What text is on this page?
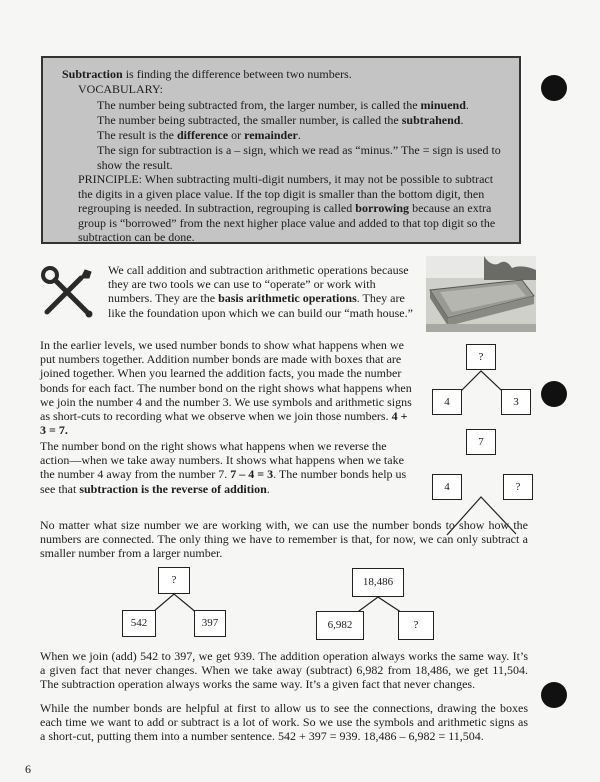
Subtraction is finding the difference between two numbers.
VOCABULARY:
The number being subtracted from, the larger number, is called the minuend.
The number being subtracted, the smaller number, is called the subtrahend.
The result is the difference or remainder.
The sign for subtraction is a – sign, which we read as “minus.” The = sign is used to show the result.
PRINCIPLE: When subtracting multi-digit numbers, it may not be possible to subtract the digits in a given place value. If the top digit is smaller than the bottom digit, then regrouping is needed. In subtraction, regrouping is called borrowing because an extra group is “borrowed” from the next higher place value and added to that top digit so the subtraction can be done.
We call addition and subtraction arithmetic operations because they are two tools we can use to “operate” or work with numbers. They are the basis arithmetic operations. They are like the foundation upon which we can build our “math house.”
In the earlier levels, we used number bonds to show what happens when we put numbers together. Addition number bonds are made with boxes that are joined together. When you learned the addition facts, you made the number bonds for each fact. The number bond on the right shows what happens when we join the number 4 and the number 3. We use symbols and arithmetic signs as short-cuts to recording what we observe when we join those numbers. 4 + 3 = 7.
?
4	3
The number bond on the right shows what happens when we reverse the action—when we take away numbers. It shows what happens when we take the number 4 away from the number 7. 7 – 4 = 3. The number bonds help us see that subtraction is the reverse of addition.
7
4	?
No matter what size number we are working with, we can use the number bonds to show how the numbers are connected. The only thing we have to remember is that, for now, we can only subtract a smaller number from a larger number.
?
542	397
18,486
6,982	?
When we join (add) 542 to 397, we get 939. The addition operation always works the same way. It’s a given fact that never changes. When we take away (subtract) 6,982 from 18,486, we get 11,504. The subtraction operation always works the same way. It’s a given fact that never changes.
While the number bonds are helpful at first to allow us to see the connections, drawing the boxes each time we want to add or subtract is a lot of work. So we use the symbols and arithmetic signs as a short-cut, putting them into a number sentence. 542 + 397 = 939. 18,486 – 6,982 = 11,504.
6
